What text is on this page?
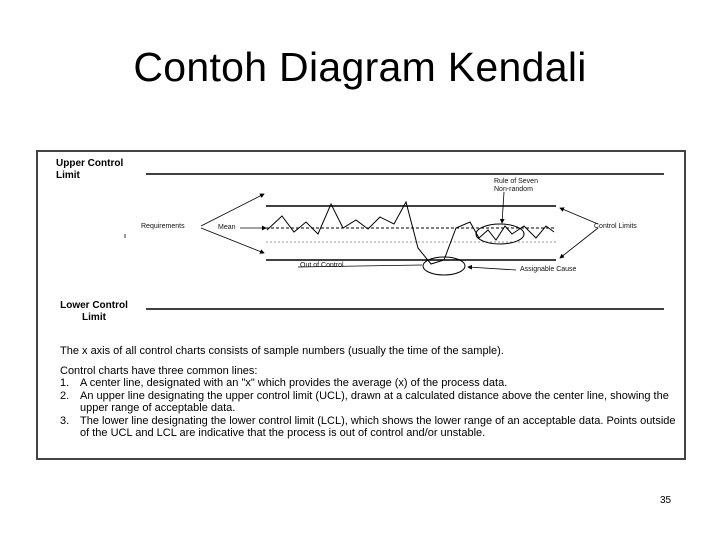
Contoh Diagram Kendali
Upper Control Limit
Lower Control Limit
Requirements	Mean	Control Limits
Rule of Seven Non-random
Out of Control
Assignable Cause

The x axis of all control charts consists of sample numbers (usually the time of the sample).

Control charts have three common lines:
1. A center line, designated with an "x" which provides the average (x) of the process data.
2. An upper line designating the upper control limit (UCL), drawn at a calculated distance above the center line, showing the upper range of acceptable data.
3. The lower line designating the lower control limit (LCL), which shows the lower range of an acceptable data. Points outside of the UCL and LCL are indicative that the process is out of control and/or unstable.
35
